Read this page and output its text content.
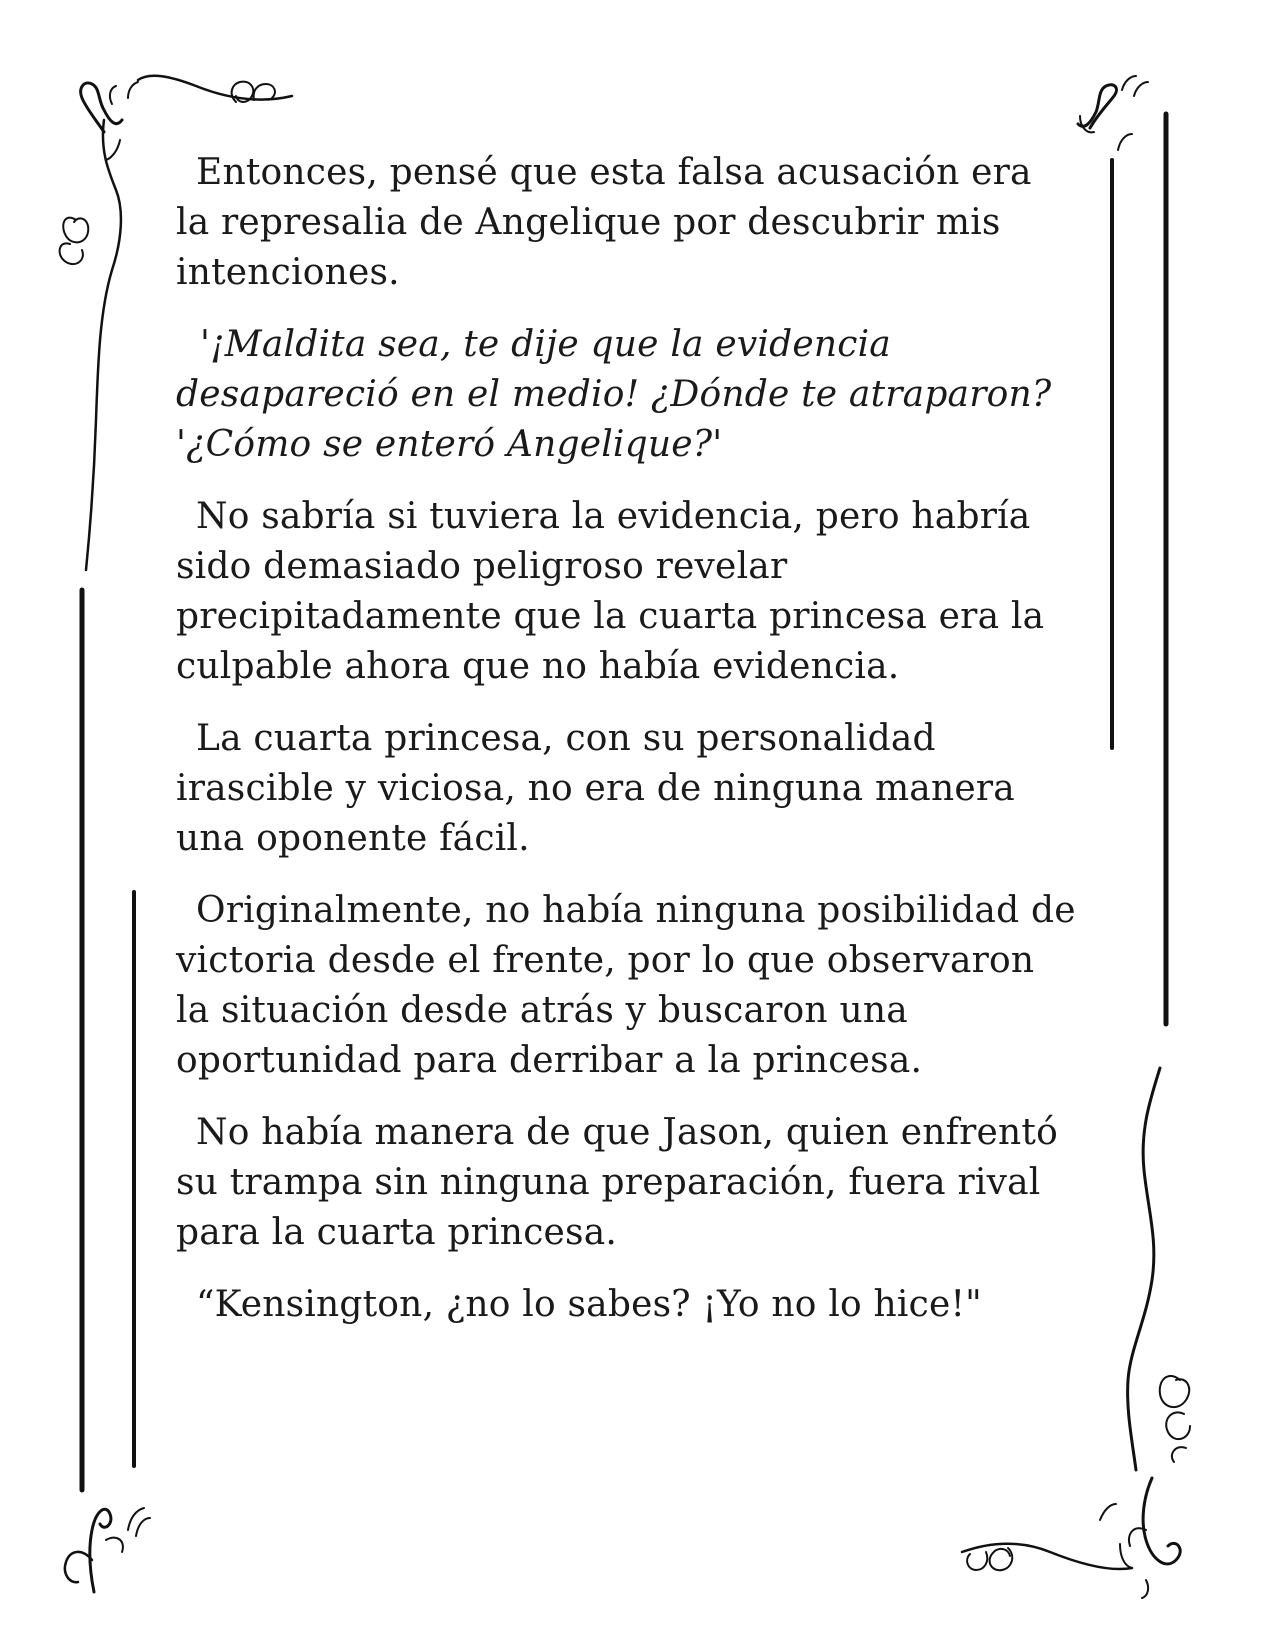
Entonces, pensé que esta falsa acusación era la represalia de Angelique por descubrir mis intenciones.

'¡Maldita sea, te dije que la evidencia desapareció en el medio! ¿Dónde te atraparon? '¿Cómo se enteró Angelique?'

No sabría si tuviera la evidencia, pero habría sido demasiado peligroso revelar precipitadamente que la cuarta princesa era la culpable ahora que no había evidencia.

La cuarta princesa, con su personalidad irascible y viciosa, no era de ninguna manera una oponente fácil.

Originalmente, no había ninguna posibilidad de victoria desde el frente, por lo que observaron la situación desde atrás y buscaron una oportunidad para derribar a la princesa.

No había manera de que Jason, quien enfrentó su trampa sin ninguna preparación, fuera rival para la cuarta princesa.

“Kensington, ¿no lo sabes? ¡Yo no lo hice!"
